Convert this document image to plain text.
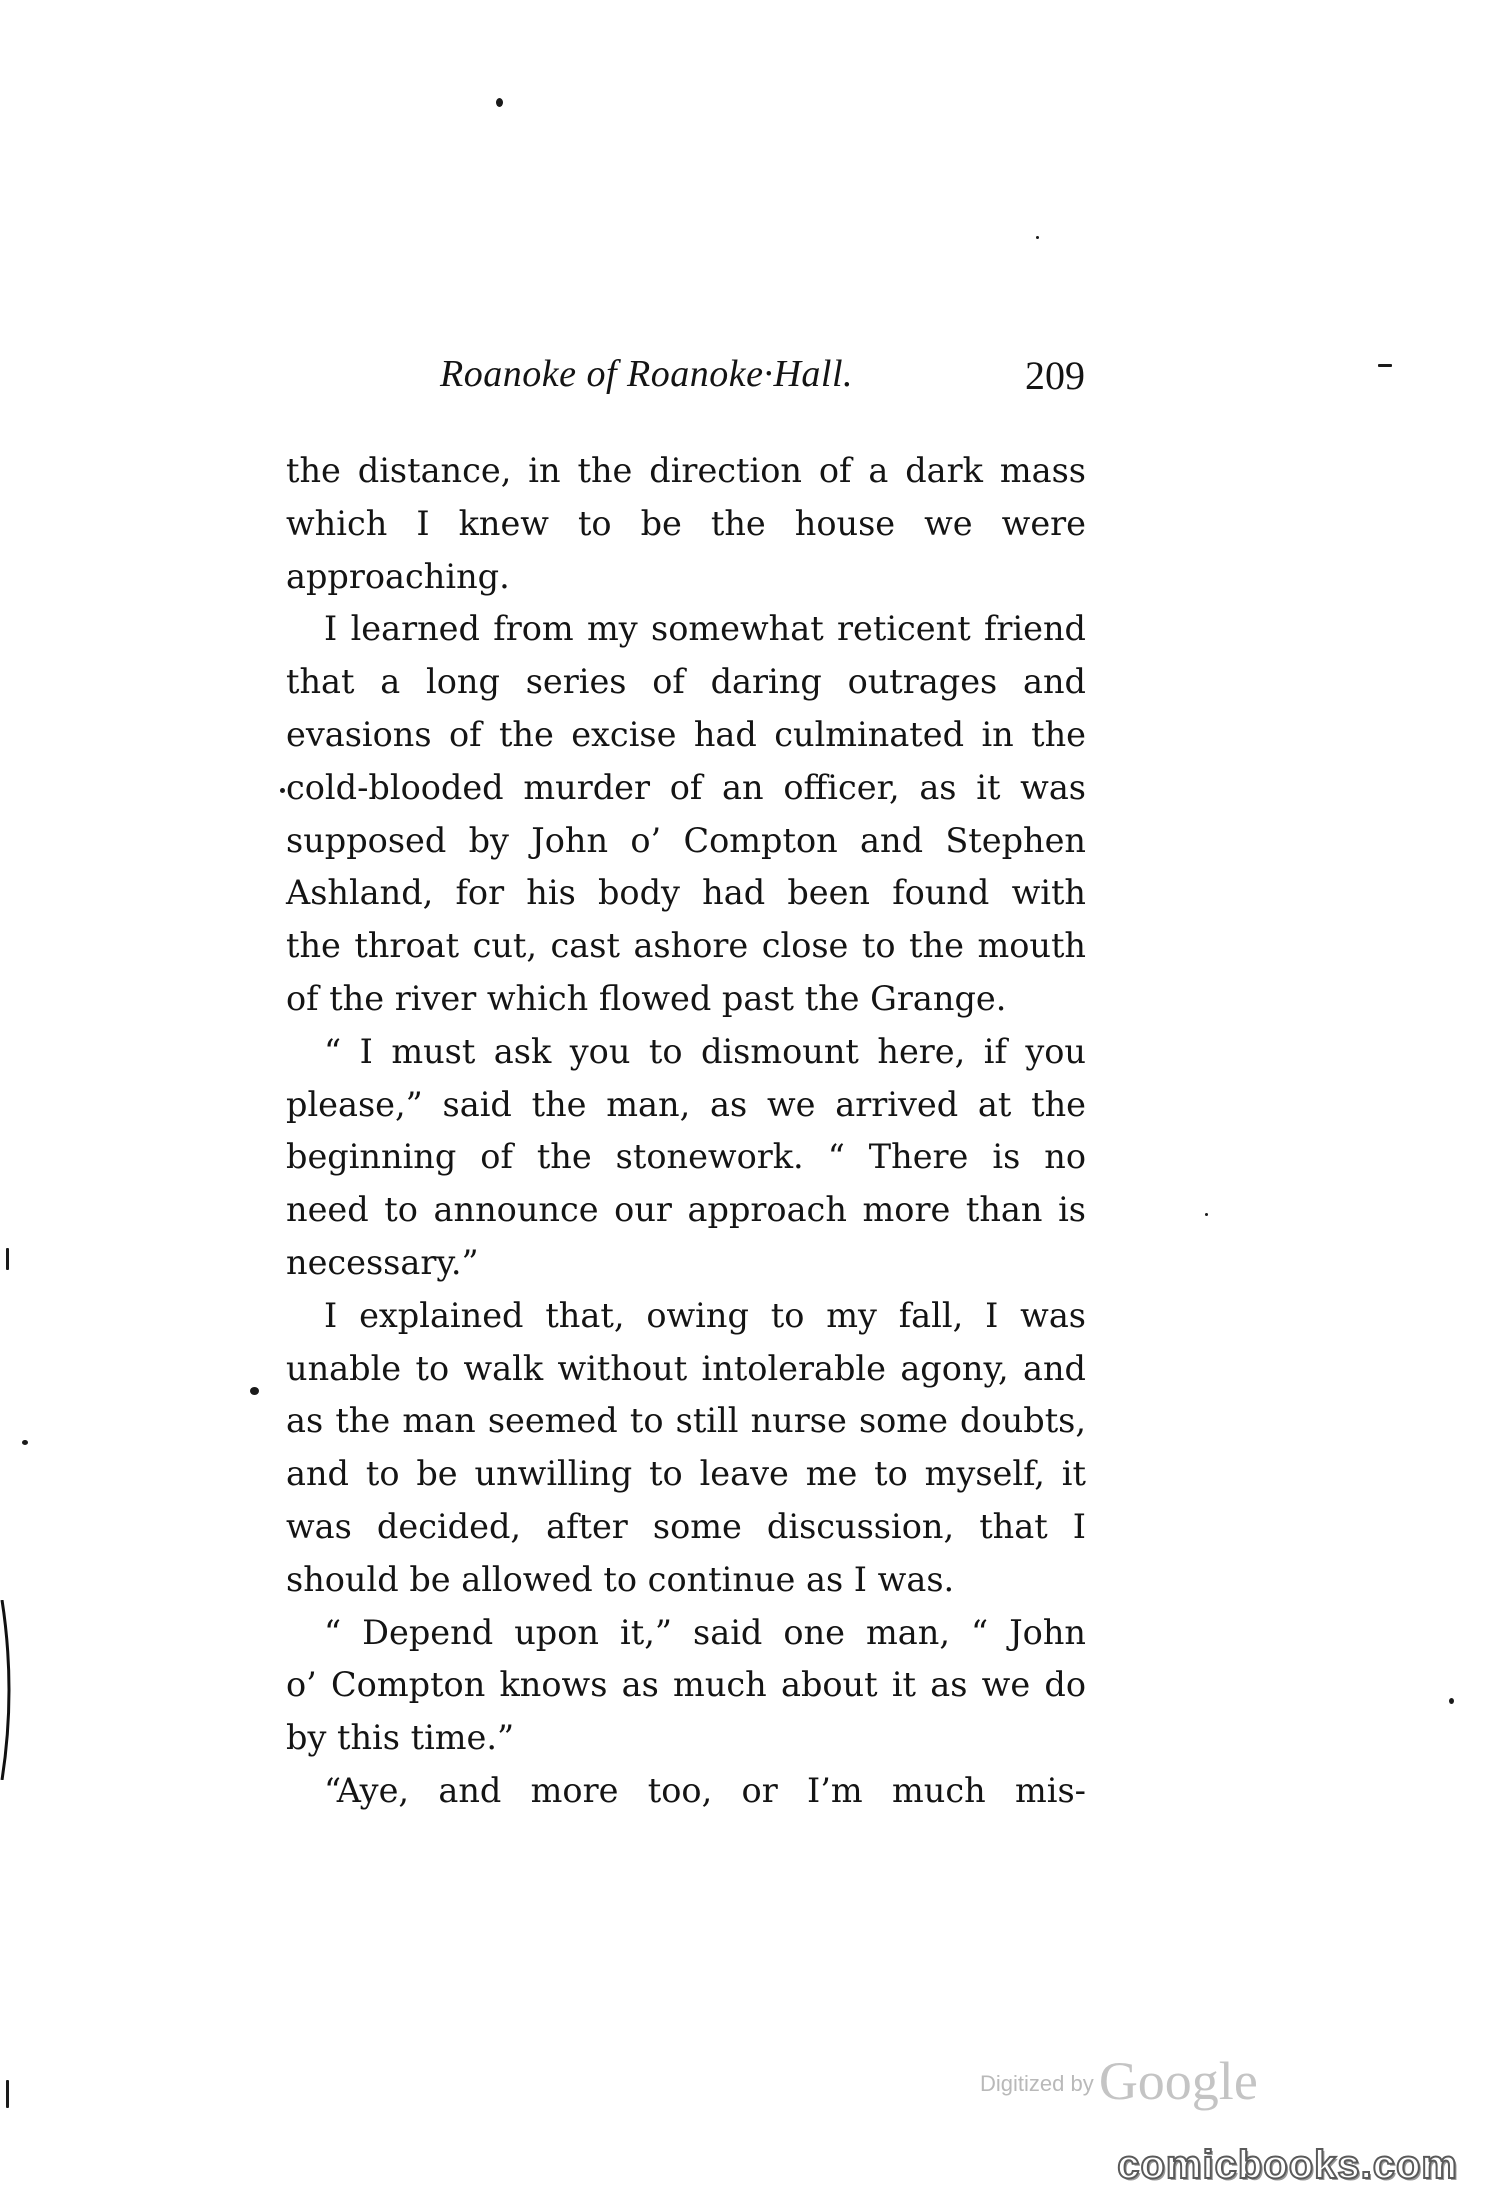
Roanoke of Roanoke·Hall.	209
the distance, in the direction of a dark mass
which I knew to be the house we were
approaching.
I learned from my somewhat reticent friend
that a long series of daring outrages and
evasions of the excise had culminated in the
cold-blooded murder of an officer, as it was
supposed by John o’ Compton and Stephen
Ashland, for his body had been found with
the throat cut, cast ashore close to the mouth
of the river which flowed past the Grange.
“ I must ask you to dismount here, if you
please,” said the man, as we arrived at the
beginning of the stonework. “ There is no
need to announce our approach more than is
necessary.”
I explained that, owing to my fall, I was
unable to walk without intolerable agony, and
as the man seemed to still nurse some doubts,
and to be unwilling to leave me to myself, it
was decided, after some discussion, that I
should be allowed to continue as I was.
“ Depend upon it,” said one man, “ John
o’ Compton knows as much about it as we do
by this time.”
“Aye, and more too, or I’m much mis-
Digitized by Google
comicbooks.com
